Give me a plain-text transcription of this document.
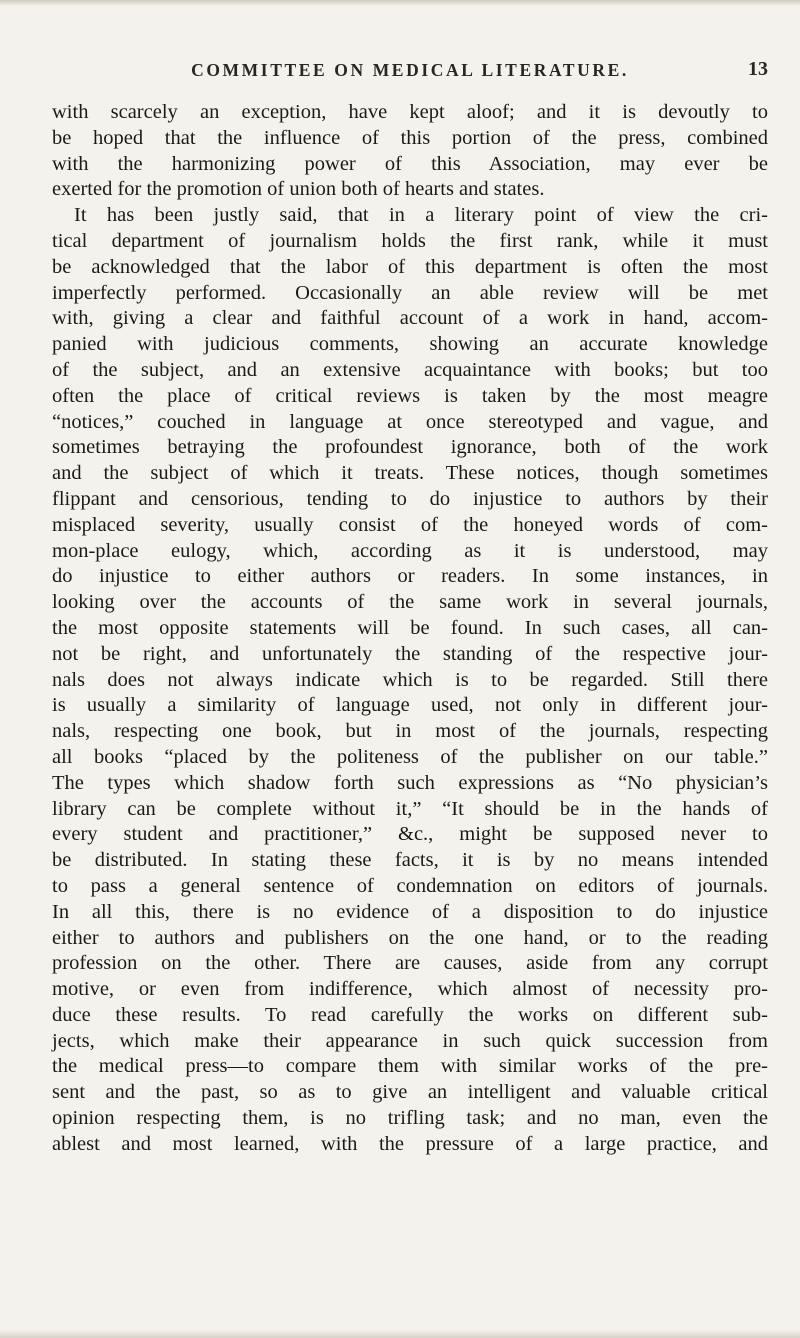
COMMITTEE ON MEDICAL LITERATURE.	13
with scarcely an exception, have kept aloof; and it is devoutly to
be hoped that the influence of this portion of the press, combined
with the harmonizing power of this Association, may ever be
exerted for the promotion of union both of hearts and states.
It has been justly said, that in a literary point of view the cri-
tical department of journalism holds the first rank, while it must
be acknowledged that the labor of this department is often the most
imperfectly performed. Occasionally an able review will be met
with, giving a clear and faithful account of a work in hand, accom-
panied with judicious comments, showing an accurate knowledge
of the subject, and an extensive acquaintance with books; but too
often the place of critical reviews is taken by the most meagre
“notices,” couched in language at once stereotyped and vague, and
sometimes betraying the profoundest ignorance, both of the work
and the subject of which it treats. These notices, though sometimes
flippant and censorious, tending to do injustice to authors by their
misplaced severity, usually consist of the honeyed words of com-
mon-place eulogy, which, according as it is understood, may
do injustice to either authors or readers. In some instances, in
looking over the accounts of the same work in several journals,
the most opposite statements will be found. In such cases, all can-
not be right, and unfortunately the standing of the respective jour-
nals does not always indicate which is to be regarded. Still there
is usually a similarity of language used, not only in different jour-
nals, respecting one book, but in most of the journals, respecting
all books “placed by the politeness of the publisher on our table.”
The types which shadow forth such expressions as “No physician’s
library can be complete without it,” “It should be in the hands of
every student and practitioner,” &c., might be supposed never to
be distributed. In stating these facts, it is by no means intended
to pass a general sentence of condemnation on editors of journals.
In all this, there is no evidence of a disposition to do injustice
either to authors and publishers on the one hand, or to the reading
profession on the other. There are causes, aside from any corrupt
motive, or even from indifference, which almost of necessity pro-
duce these results. To read carefully the works on different sub-
jects, which make their appearance in such quick succession from
the medical press—to compare them with similar works of the pre-
sent and the past, so as to give an intelligent and valuable critical
opinion respecting them, is no trifling task; and no man, even the
ablest and most learned, with the pressure of a large practice, and
